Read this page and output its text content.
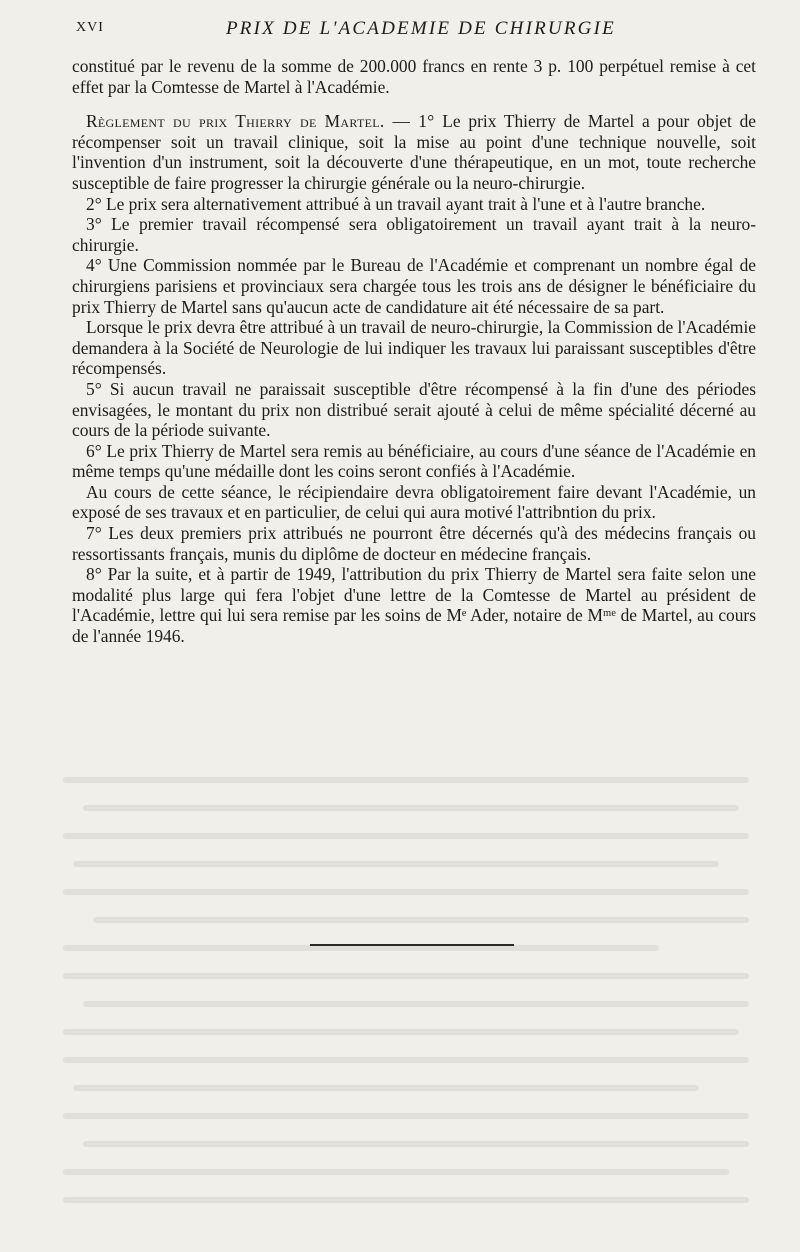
XVI	PRIX DE L'ACADEMIE DE CHIRURGIE

constitué par le revenu de la somme de 200.000 francs en rente 3 p. 100 perpétuel remise à cet effet par la Comtesse de Martel à l'Académie.

Règlement du prix Thierry de Martel. — 1° Le prix Thierry de Martel a pour objet de récompenser soit un travail clinique, soit la mise au point d'une technique nouvelle, soit l'invention d'un instrument, soit la découverte d'une thérapeutique, en un mot, toute recherche susceptible de faire progresser la chirurgie générale ou la neuro-chirurgie.

2° Le prix sera alternativement attribué à un travail ayant trait à l'une et à l'autre branche.

3° Le premier travail récompensé sera obligatoirement un travail ayant trait à la neuro-chirurgie.

4° Une Commission nommée par le Bureau de l'Académie et comprenant un nombre égal de chirurgiens parisiens et provinciaux sera chargée tous les trois ans de désigner le bénéficiaire du prix Thierry de Martel sans qu'aucun acte de candidature ait été nécessaire de sa part.

Lorsque le prix devra être attribué à un travail de neuro-chirurgie, la Commission de l'Académie demandera à la Société de Neurologie de lui indiquer les travaux lui paraissant susceptibles d'être récompensés.

5° Si aucun travail ne paraissait susceptible d'être récompensé à la fin d'une des périodes envisagées, le montant du prix non distribué serait ajouté à celui de même spécialité décerné au cours de la période suivante.

6° Le prix Thierry de Martel sera remis au bénéficiaire, au cours d'une séance de l'Académie en même temps qu'une médaille dont les coins seront confiés à l'Académie.

Au cours de cette séance, le récipiendaire devra obligatoirement faire devant l'Académie, un exposé de ses travaux et en particulier, de celui qui aura motivé l'attribntion du prix.

7° Les deux premiers prix attribués ne pourront être décernés qu'à des médecins français ou ressortissants français, munis du diplôme de docteur en médecine français.

8° Par la suite, et à partir de 1949, l'attribution du prix Thierry de Martel sera faite selon une modalité plus large qui fera l'objet d'une lettre de la Comtesse de Martel au président de l'Académie, lettre qui lui sera remise par les soins de Mᵉ Ader, notaire de Mᵐᵉ de Martel, au cours de l'année 1946.
